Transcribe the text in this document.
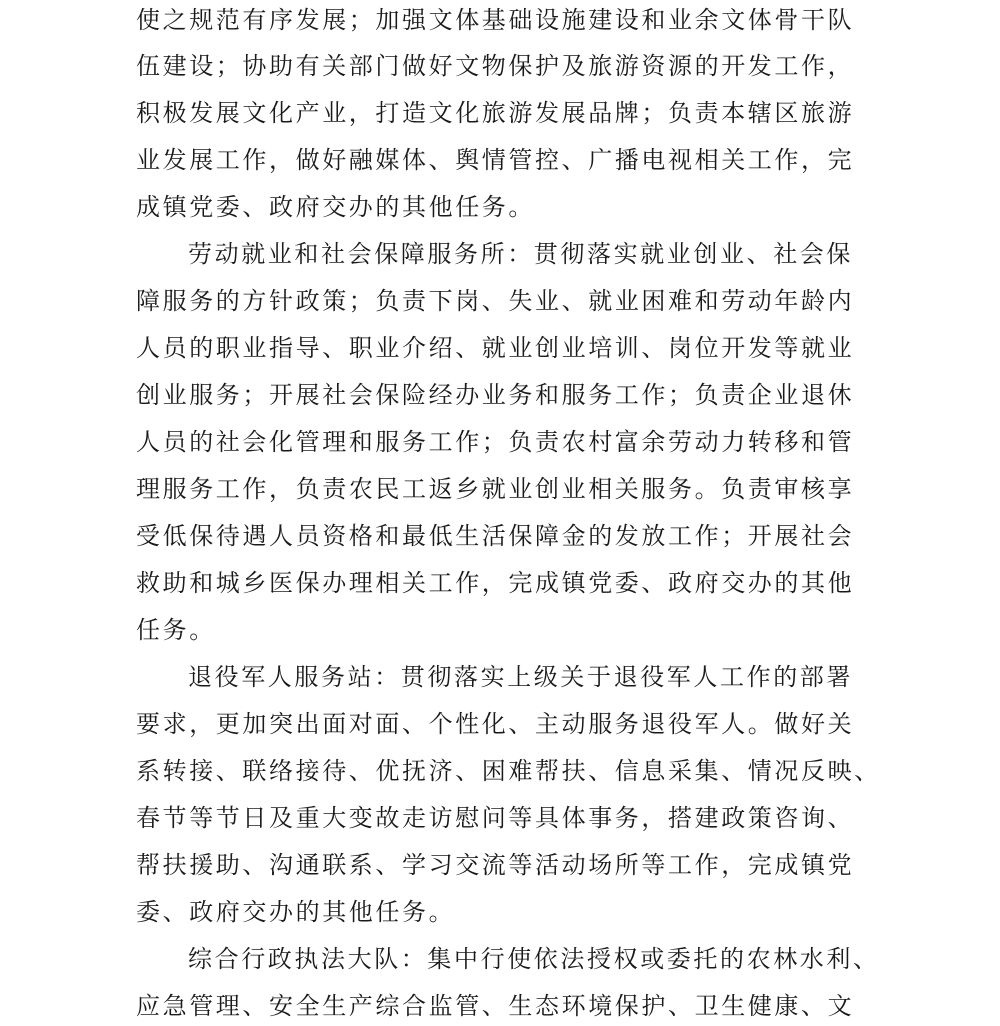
使之规范有序发展；加强文体基础设施建设和业余文体骨干队
伍建设；协助有关部门做好文物保护及旅游资源的开发工作，
积极发展文化产业，打造文化旅游发展品牌；负责本辖区旅游
业发展工作，做好融媒体、舆情管控、广播电视相关工作，完
成镇党委、政府交办的其他任务。
劳动就业和社会保障服务所：贯彻落实就业创业、社会保
障服务的方针政策；负责下岗、失业、就业困难和劳动年龄内
人员的职业指导、职业介绍、就业创业培训、岗位开发等就业
创业服务；开展社会保险经办业务和服务工作；负责企业退休
人员的社会化管理和服务工作；负责农村富余劳动力转移和管
理服务工作，负责农民工返乡就业创业相关服务。负责审核享
受低保待遇人员资格和最低生活保障金的发放工作；开展社会
救助和城乡医保办理相关工作，完成镇党委、政府交办的其他
任务。
退役军人服务站：贯彻落实上级关于退役军人工作的部署
要求，更加突出面对面、个性化、主动服务退役军人。做好关
系转接、联络接待、优抚济、困难帮扶、信息采集、情况反映、
春节等节日及重大变故走访慰问等具体事务，搭建政策咨询、
帮扶援助、沟通联系、学习交流等活动场所等工作，完成镇党
委、政府交办的其他任务。
综合行政执法大队：集中行使依法授权或委托的农林水利、
应急管理、安全生产综合监管、生态环境保护、卫生健康、文
